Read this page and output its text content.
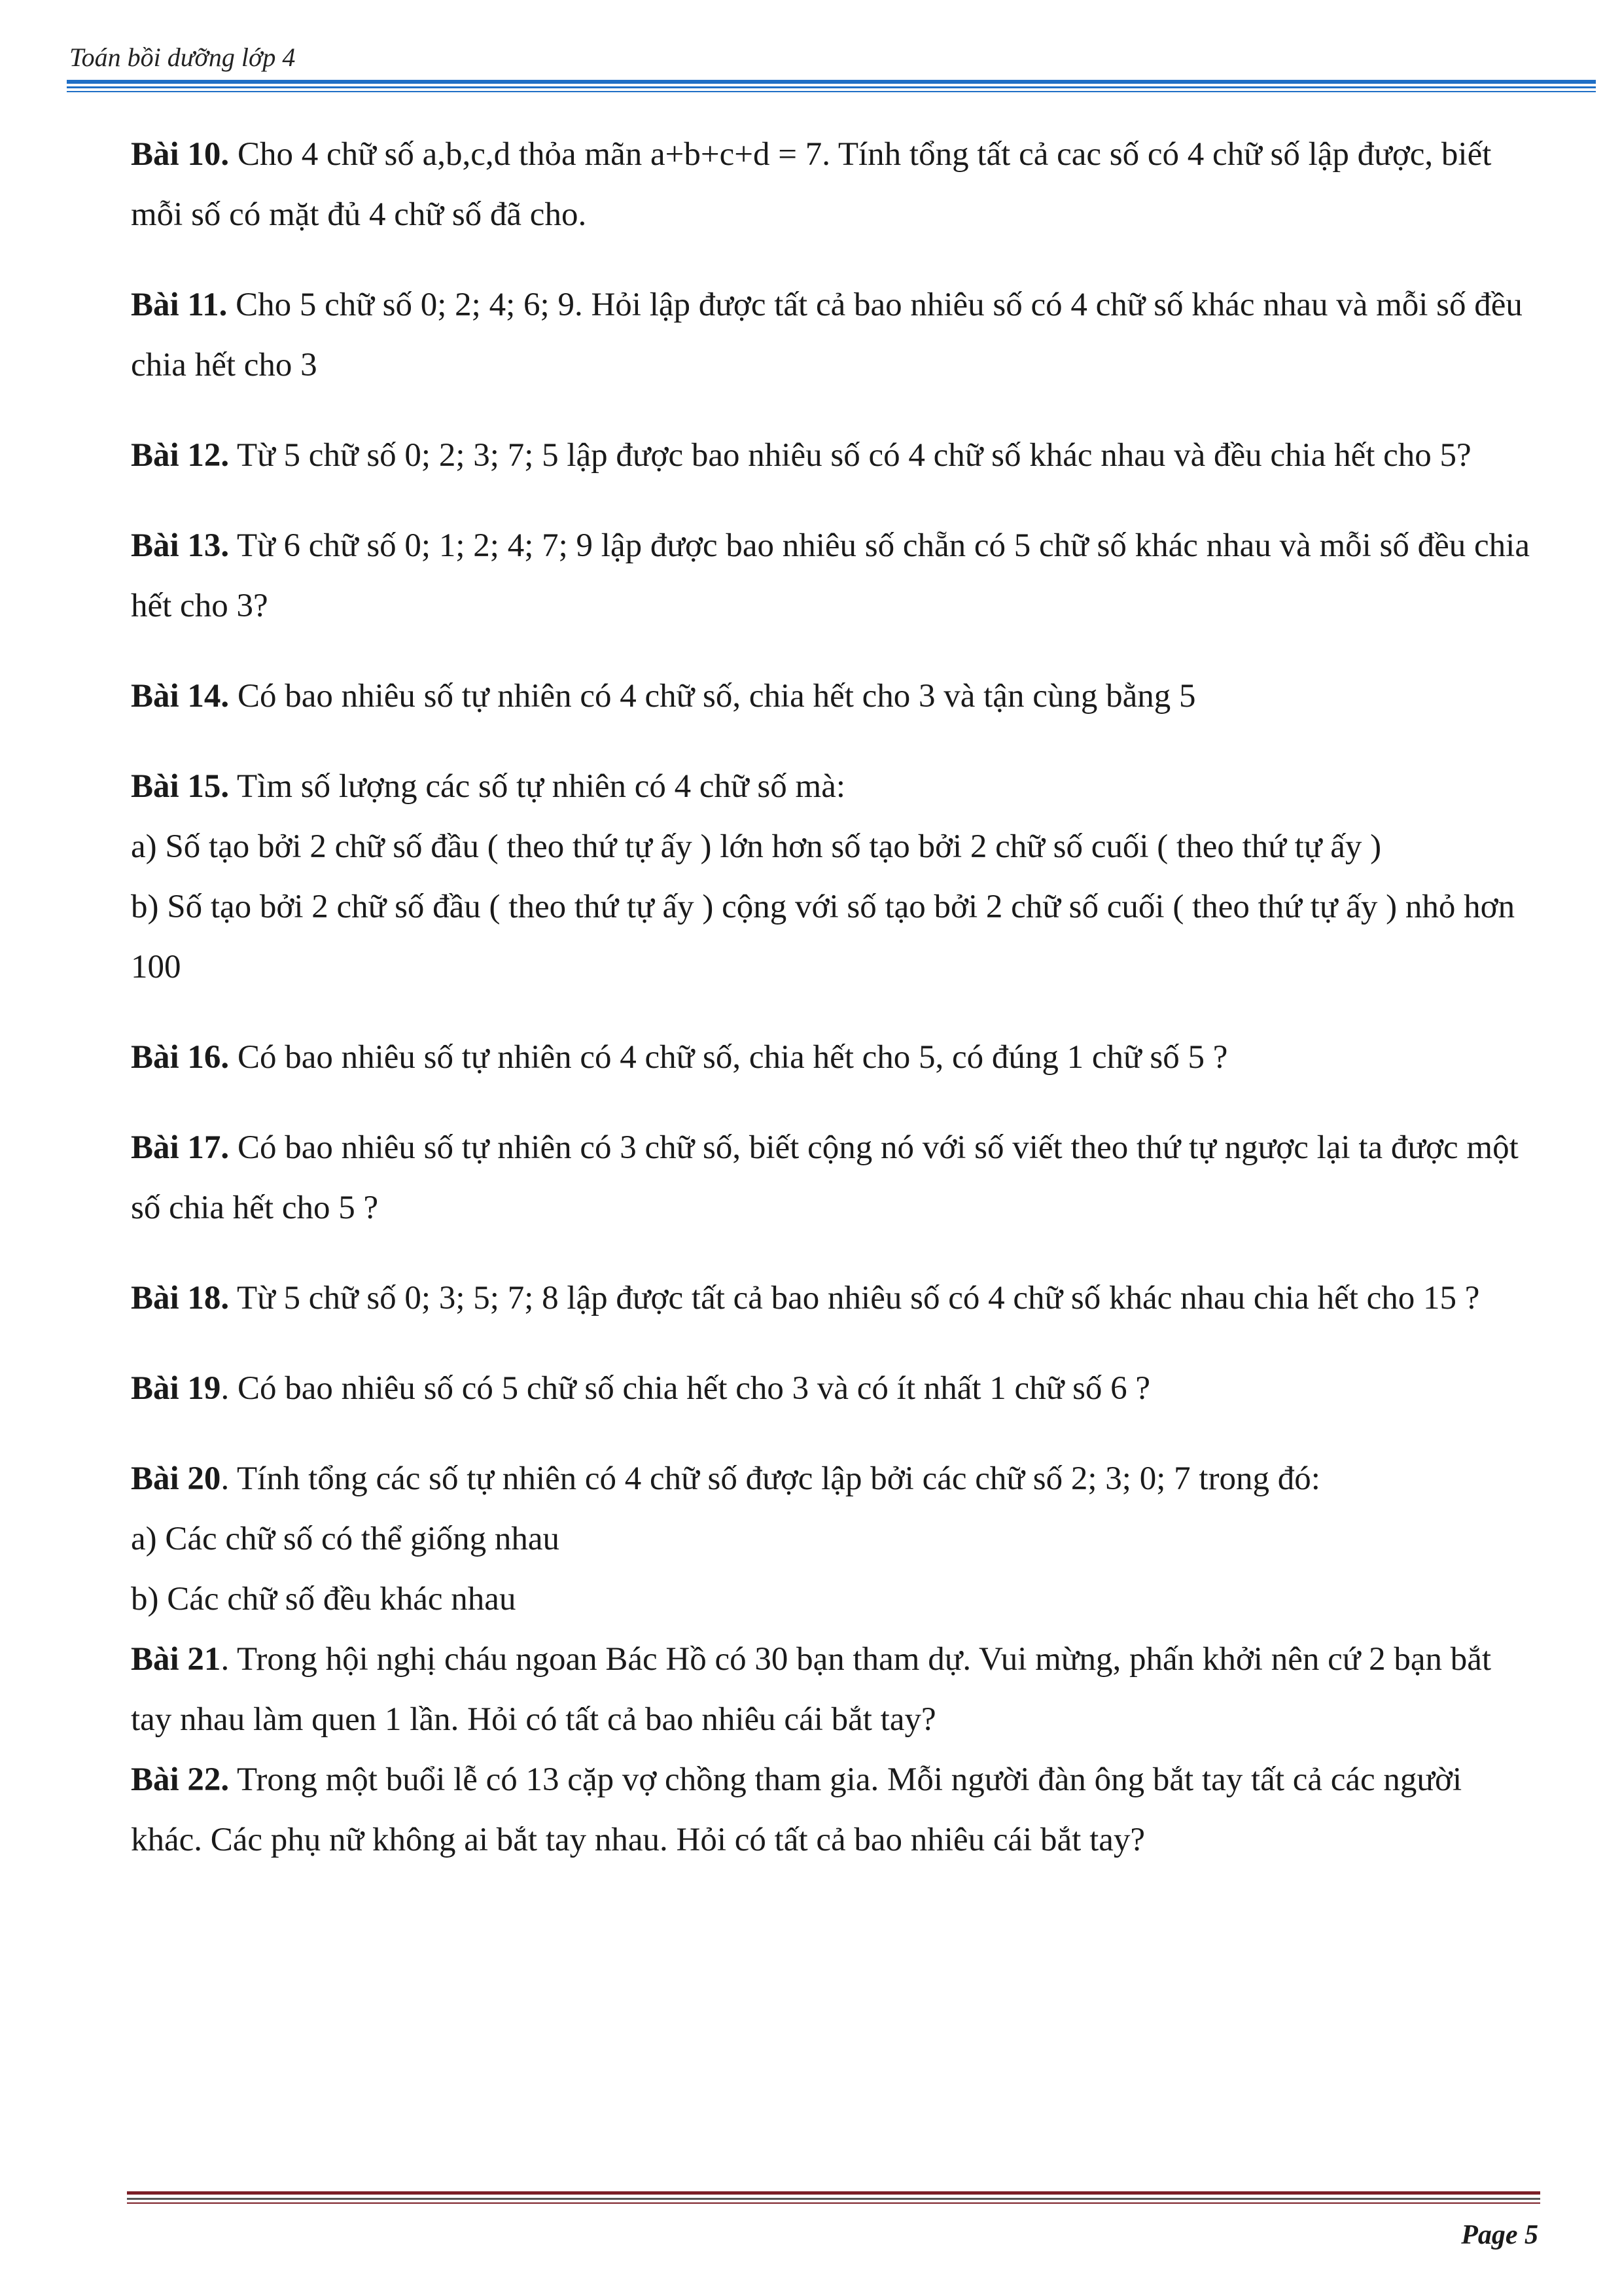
Toán bồi dưỡng lớp 4

Bài 10. Cho 4 chữ số a,b,c,d thỏa mãn a+b+c+d = 7. Tính tổng tất cả cac số có 4 chữ số lập được, biết mỗi số có mặt đủ 4 chữ số đã cho.

Bài 11. Cho 5 chữ số 0; 2; 4; 6; 9. Hỏi lập được tất cả bao nhiêu số có 4 chữ số khác nhau và mỗi số đều chia hết cho 3

Bài 12. Từ 5 chữ số 0; 2; 3; 7; 5 lập được bao nhiêu số có 4 chữ số khác nhau và đều chia hết cho 5?

Bài 13. Từ 6 chữ số 0; 1; 2; 4; 7; 9 lập được bao nhiêu số chẵn có 5 chữ số khác nhau và mỗi số đều chia hết cho 3?

Bài 14. Có bao nhiêu số tự nhiên có 4 chữ số, chia hết cho 3 và tận cùng bằng 5

Bài 15. Tìm số lượng các số tự nhiên có 4 chữ số mà:

a) Số tạo bởi 2 chữ số đầu ( theo thứ tự ấy ) lớn hơn số tạo bởi 2 chữ số cuối ( theo thứ tự ấy )

b) Số tạo bởi 2 chữ số đầu ( theo thứ tự ấy ) cộng với số tạo bởi 2 chữ số cuối ( theo thứ tự ấy ) nhỏ hơn 100

Bài 16. Có bao nhiêu số tự nhiên có 4 chữ số, chia hết cho 5, có đúng 1 chữ số 5 ?

Bài 17. Có bao nhiêu số tự nhiên có 3 chữ số, biết cộng nó với số viết theo thứ tự ngược lại ta được một số chia hết cho 5 ?

Bài 18. Từ 5 chữ số 0; 3; 5; 7; 8 lập được tất cả bao nhiêu số có 4 chữ số khác nhau chia hết cho 15 ?

Bài 19. Có bao nhiêu số có 5 chữ số chia hết cho 3 và có ít nhất 1 chữ số 6 ?

Bài 20. Tính tổng các số tự nhiên có 4 chữ số được lập bởi các chữ số 2; 3; 0; 7 trong đó:

a) Các chữ số có thể giống nhau

b) Các chữ số đều khác nhau

Bài 21. Trong hội nghị cháu ngoan Bác Hồ có 30 bạn tham dự. Vui mừng, phấn khởi nên cứ 2 bạn bắt tay nhau làm quen 1 lần. Hỏi có tất cả bao nhiêu cái bắt tay?

Bài 22. Trong một buổi lễ có 13 cặp vợ chồng tham gia. Mỗi người đàn ông bắt tay tất cả các người khác. Các phụ nữ không ai bắt tay nhau. Hỏi có tất cả bao nhiêu cái bắt tay?

Page 5
